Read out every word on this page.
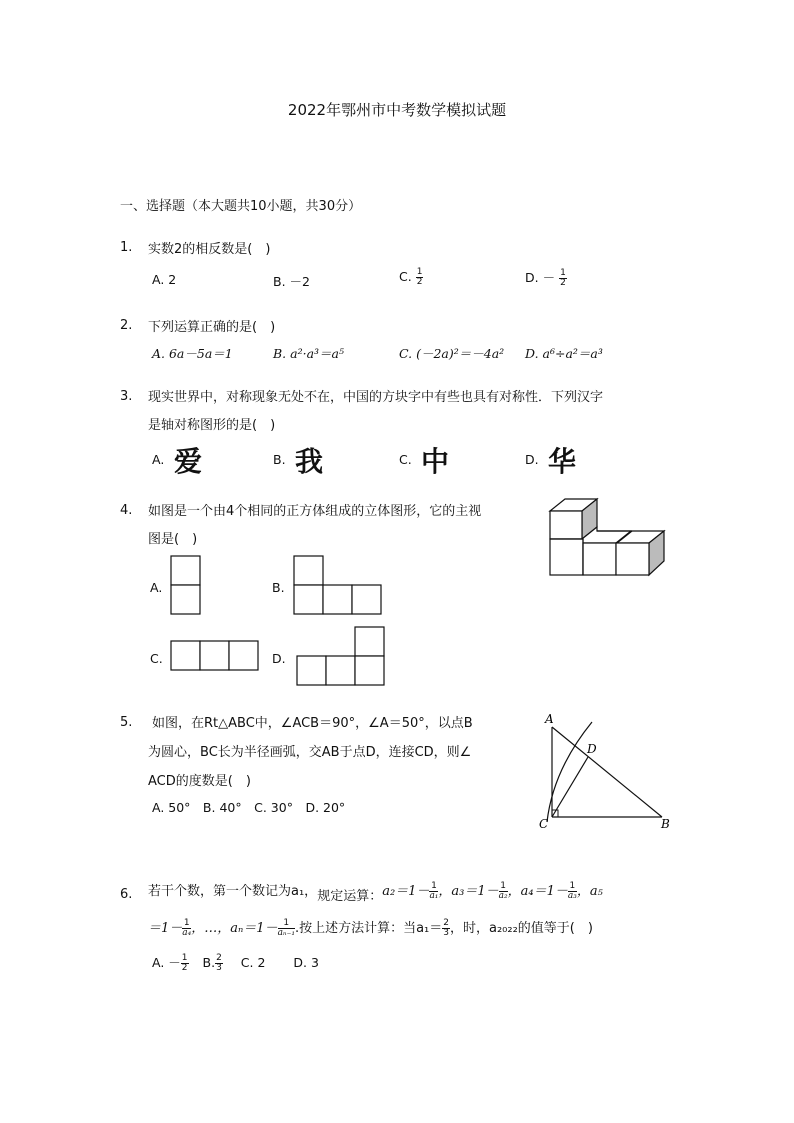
2022年鄂州市中考数学模拟试题
一、选择题（本大题共10小题，共30分）
1. 实数2的相反数是(　)
A. 2	B. －2	C. $\frac{1}{2}$	D. － $\frac{1}{2}$
2. 下列运算正确的是(　)
A. 6a－5a＝1	B. a²·a³＝a⁵	C. (－2a)²＝－4a² D. a⁶÷a²＝a³
3. 现实世界中，对称现象无处不在，中国的方块字中有些也具有对称性．下列汉字
是轴对称图形的是(　)
A. 爱	B. 我	C. 中	D. 华
4. 如图是一个由4个相同的正方体组成的立体图形，它的主视
图是(　)
A.	B.
C.	D.
5. 如图，在Rt△ABC中，∠ACB＝90°，∠A＝50°，以点B
为圆心，BC长为半径画弧，交AB于点D，连接CD，则∠
ACD的度数是(　)
A. 50°　B. 40°　C. 30°　D. 20°
A
D
C	B
6. 若干个数，第一个数记为a₁，规定运算：$a_2=1- \frac{1}{\text{a₁}}$ ，$a_3=1- \frac{1}{\text{a₂}}$ ，$a_4=1- \frac{1}{\text{a₃}}$ ，a₅
$=1- \frac{1}{\text{a₄}}$ ，…，$a_n=1- \frac{1}{\text{aₙ₋₁}}$ .按上述方法计算：当$a_1= \frac{2}{3}$ ，时，a₂₀₂₂的值等于(　)
A. － $\frac{1}{2} B$. $\frac{2}{3} C$. 2 D. 3
